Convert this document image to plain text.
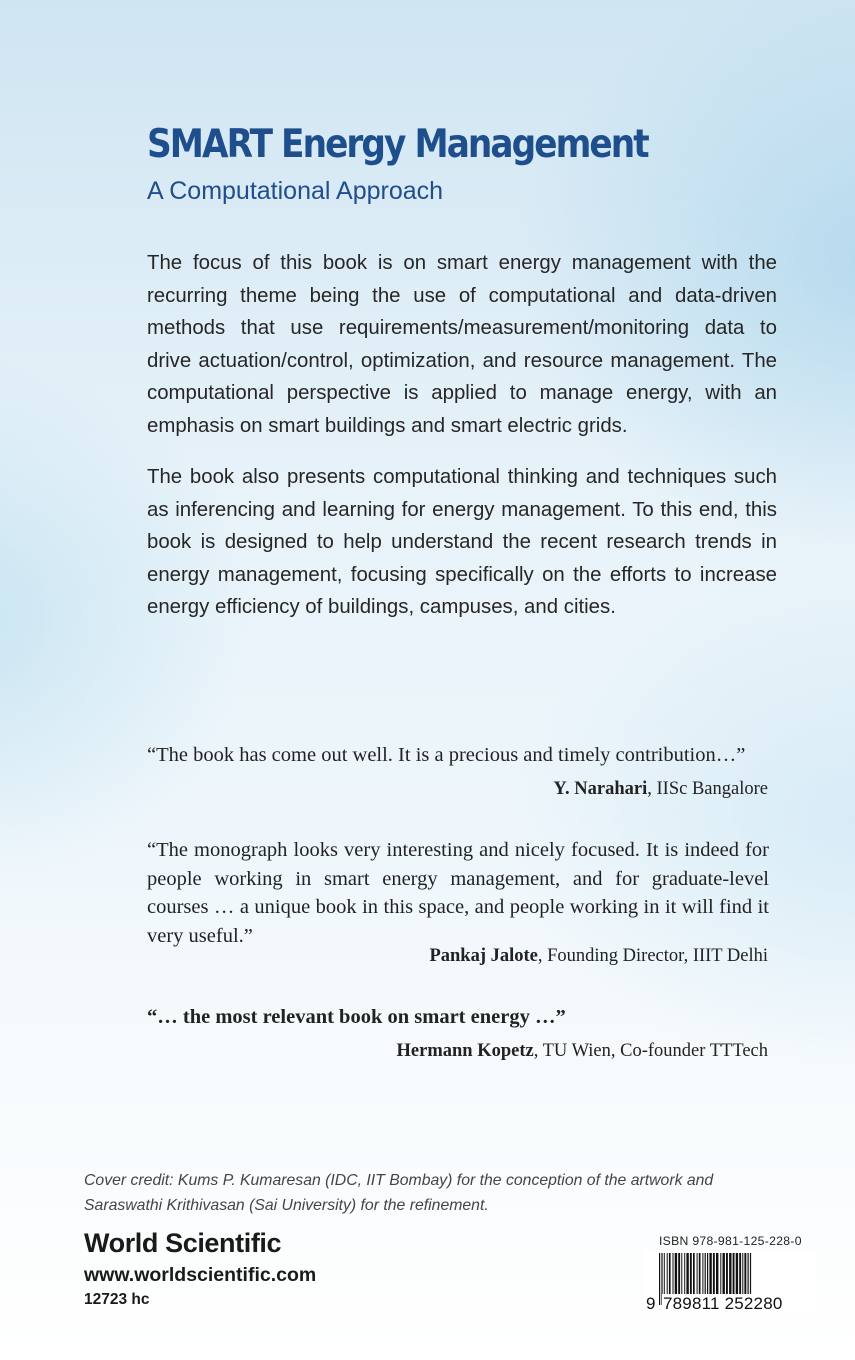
SMART Energy Management
A Computational Approach

The focus of this book is on smart energy management with the recurring theme being the use of computational and data-driven methods that use requirements/measurement/monitoring data to drive actuation/control, optimization, and resource management. The computational perspective is applied to manage energy, with an emphasis on smart buildings and smart electric grids.

The book also presents computational thinking and techniques such as inferencing and learning for energy management. To this end, this book is designed to help understand the recent research trends in energy management, focusing specifically on the efforts to increase energy efficiency of buildings, campuses, and cities.

“The book has come out well. It is a precious and timely contribution…”

Y. Narahari, IISc Bangalore

“The monograph looks very interesting and nicely focused. It is indeed for people working in smart energy management, and for graduate-level courses … a unique book in this space, and people working in it will find it very useful.”

Pankaj Jalote, Founding Director, IIIT Delhi

“… the most relevant book on smart energy …”

Hermann Kopetz, TU Wien, Co-founder TTTech

Cover credit: Kums P. Kumaresan (IDC, IIT Bombay) for the conception of the artwork and Saraswathi Krithivasan (Sai University) for the refinement.

World Scientific
www.worldscientific.com
12723 hc
ISBN 978-981-125-228-0
9 789811 252280
